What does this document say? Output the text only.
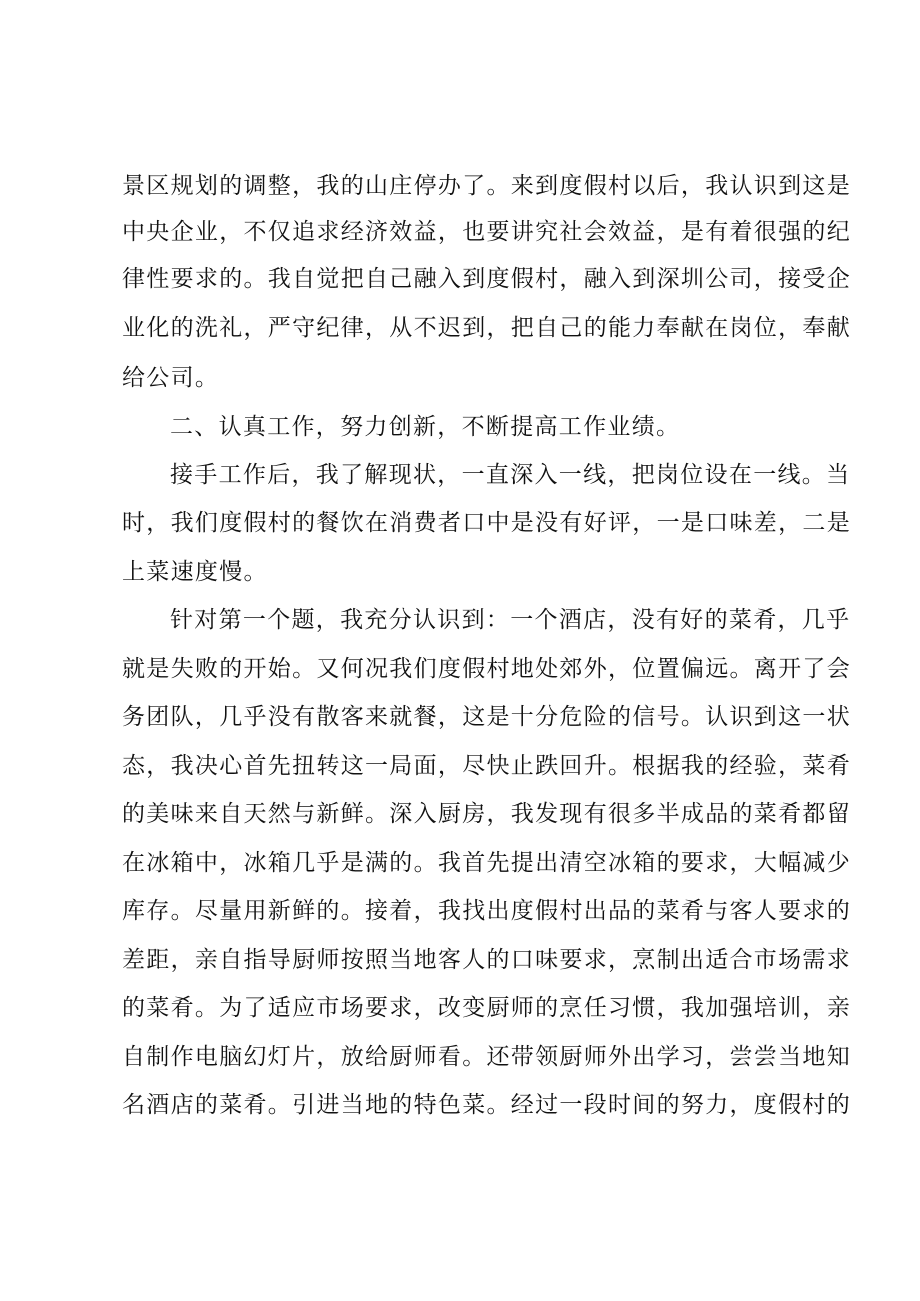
景区规划的调整，我的山庄停办了。来到度假村以后，我认识到这是

中央企业，不仅追求经济效益，也要讲究社会效益，是有着很强的纪

律性要求的。我自觉把自己融入到度假村，融入到深圳公司，接受企

业化的洗礼，严守纪律，从不迟到，把自己的能力奉献在岗位，奉献

给公司。

二、认真工作，努力创新，不断提高工作业绩。

接手工作后，我了解现状，一直深入一线，把岗位设在一线。当

时，我们度假村的餐饮在消费者口中是没有好评，一是口味差，二是

上菜速度慢。

针对第一个题，我充分认识到：一个酒店，没有好的菜肴，几乎

就是失败的开始。又何况我们度假村地处郊外，位置偏远。离开了会

务团队，几乎没有散客来就餐，这是十分危险的信号。认识到这一状

态，我决心首先扭转这一局面，尽快止跌回升。根据我的经验，菜肴

的美味来自天然与新鲜。深入厨房，我发现有很多半成品的菜肴都留

在冰箱中，冰箱几乎是满的。我首先提出清空冰箱的要求，大幅减少

库存。尽量用新鲜的。接着，我找出度假村出品的菜肴与客人要求的

差距，亲自指导厨师按照当地客人的口味要求，烹制出适合市场需求

的菜肴。为了适应市场要求，改变厨师的烹任习惯，我加强培训，亲

自制作电脑幻灯片，放给厨师看。还带领厨师外出学习，尝尝当地知

名酒店的菜肴。引进当地的特色菜。经过一段时间的努力，度假村的
